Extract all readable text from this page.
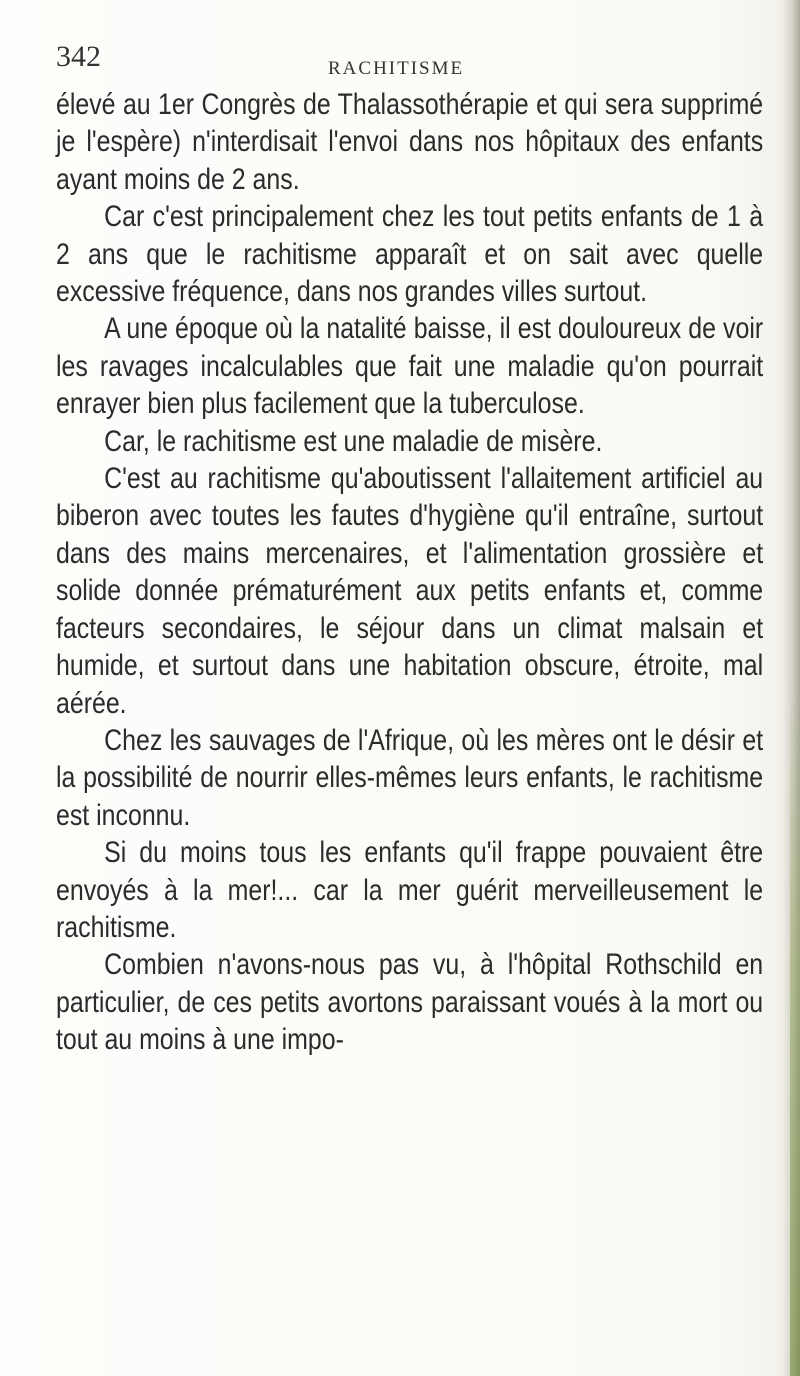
342	RACHITISME

élevé au 1er Congrès de Thalassothérapie et qui sera supprimé je l'espère) n'interdisait l'envoi dans nos hôpitaux des enfants ayant moins de 2 ans.

Car c'est principalement chez les tout petits enfants de 1 à 2 ans que le rachitisme apparaît et on sait avec quelle excessive fréquence, dans nos grandes villes surtout.

A une époque où la natalité baisse, il est douloureux de voir les ravages incalculables que fait une maladie qu'on pourrait enrayer bien plus facilement que la tuberculose.

Car, le rachitisme est une maladie de misère.

C'est au rachitisme qu'aboutissent l'allaitement artificiel au biberon avec toutes les fautes d'hygiène qu'il entraîne, surtout dans des mains mercenaires, et l'alimentation grossière et solide donnée prématurément aux petits enfants et, comme facteurs secondaires, le séjour dans un climat malsain et humide, et surtout dans une habitation obscure, étroite, mal aérée.

Chez les sauvages de l'Afrique, où les mères ont le désir et la possibilité de nourrir elles-mêmes leurs enfants, le rachitisme est inconnu.

Si du moins tous les enfants qu'il frappe pouvaient être envoyés à la mer!... car la mer guérit merveilleusement le rachitisme.

Combien n'avons-nous pas vu, à l'hôpital Rothschild en particulier, de ces petits avortons paraissant voués à la mort ou tout au moins à une impo-
